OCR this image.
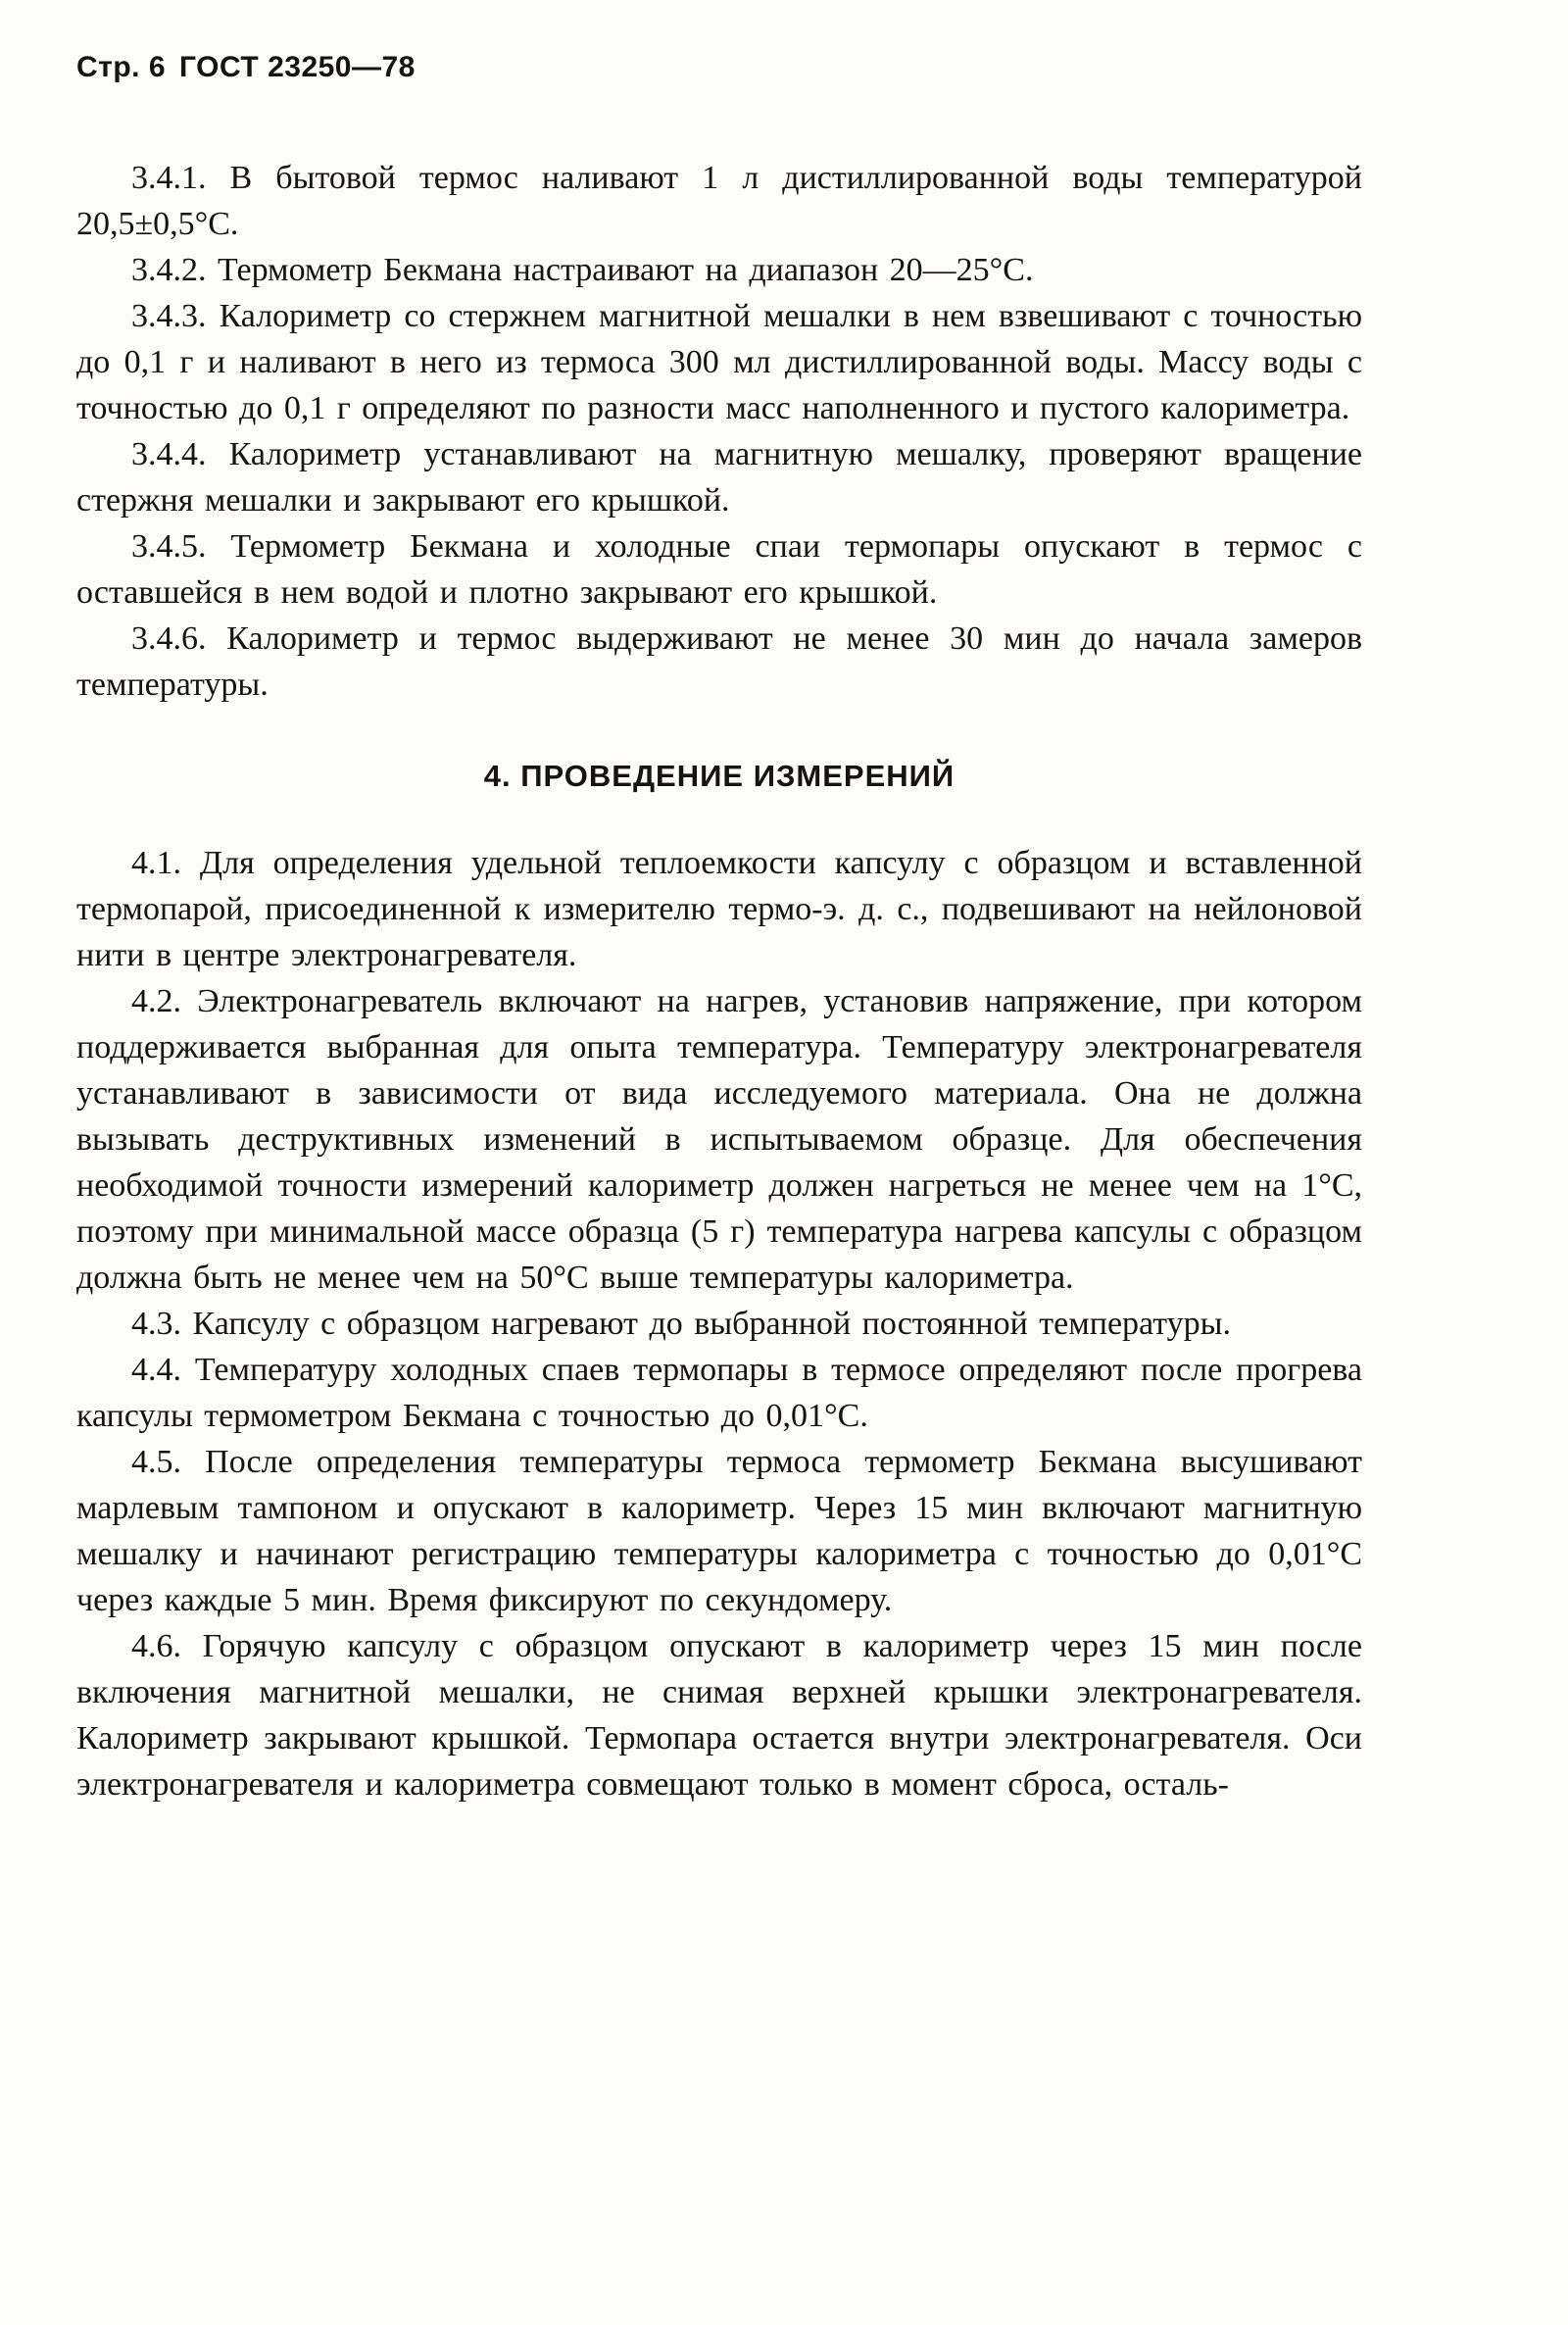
Стр. 6 ГОСТ 23250—78

3.4.1. В бытовой термос наливают 1 л дистиллированной воды температурой 20,5±0,5°С.

3.4.2. Термометр Бекмана настраивают на диапазон 20—25°С.

3.4.3. Калориметр со стержнем магнитной мешалки в нем взвешивают с точностью до 0,1 г и наливают в него из термоса 300 мл дистиллированной воды. Массу воды с точностью до 0,1 г определяют по разности масс наполненного и пустого калориметра.

3.4.4. Калориметр устанавливают на магнитную мешалку, проверяют вращение стержня мешалки и закрывают его крышкой.

3.4.5. Термометр Бекмана и холодные спаи термопары опускают в термос с оставшейся в нем водой и плотно закрывают его крышкой.

3.4.6. Калориметр и термос выдерживают не менее 30 мин до начала замеров температуры.

4. ПРОВЕДЕНИЕ ИЗМЕРЕНИЙ

4.1. Для определения удельной теплоемкости капсулу с образцом и вставленной термопарой, присоединенной к измерителю термо-э. д. с., подвешивают на нейлоновой нити в центре электронагревателя.

4.2. Электронагреватель включают на нагрев, установив напряжение, при котором поддерживается выбранная для опыта температура. Температуру электронагревателя устанавливают в зависимости от вида исследуемого материала. Она не должна вызывать деструктивных изменений в испытываемом образце. Для обеспечения необходимой точности измерений калориметр должен нагреться не менее чем на 1°С, поэтому при минимальной массе образца (5 г) температура нагрева капсулы с образцом должна быть не менее чем на 50°С выше температуры калориметра.

4.3. Капсулу с образцом нагревают до выбранной постоянной температуры.

4.4. Температуру холодных спаев термопары в термосе определяют после прогрева капсулы термометром Бекмана с точностью до 0,01°С.

4.5. После определения температуры термоса термометр Бекмана высушивают марлевым тампоном и опускают в калориметр. Через 15 мин включают магнитную мешалку и начинают регистрацию температуры калориметра с точностью до 0,01°С через каждые 5 мин. Время фиксируют по секундомеру.

4.6. Горячую капсулу с образцом опускают в калориметр через 15 мин после включения магнитной мешалки, не снимая верхней крышки электронагревателя. Калориметр закрывают крышкой. Термопара остается внутри электронагревателя. Оси электронагревателя и калориметра совмещают только в момент сброса, осталь-
